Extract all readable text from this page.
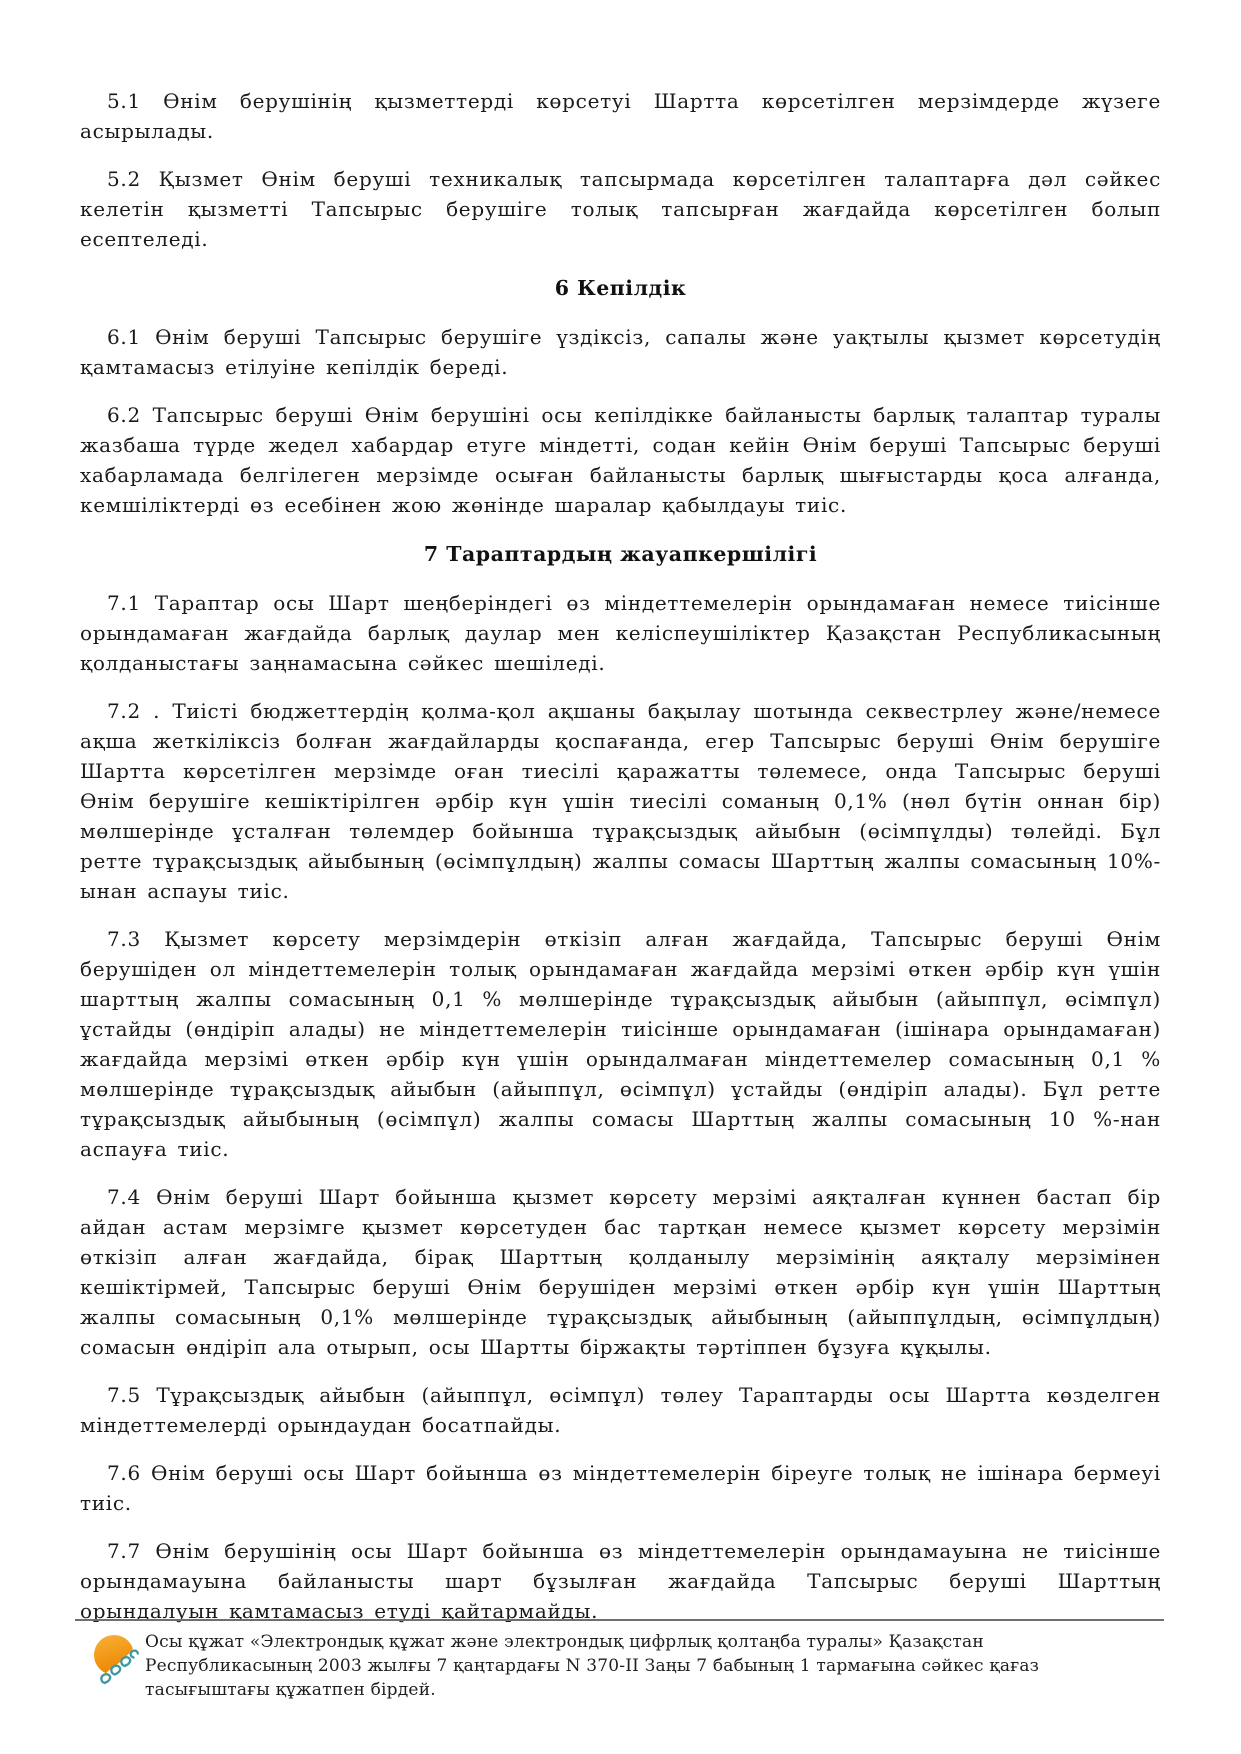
5.1 Өнім берушінің қызметтерді көрсетуі Шартта көрсетілген мерзімдерде жүзеге асырылады.

5.2 Қызмет Өнім беруші техникалық тапсырмада көрсетілген талаптарға дәл сәйкес келетін қызметті Тапсырыс берушіге толық тапсырған жағдайда көрсетілген болып есептеледі.

6 Кепілдік

6.1 Өнім беруші Тапсырыс берушіге үздіксіз, сапалы және уақтылы қызмет көрсетудің қамтамасыз етілуіне кепілдік береді.

6.2 Тапсырыс беруші Өнім берушіні осы кепілдікке байланысты барлық талаптар туралы жазбаша түрде жедел хабардар етуге міндетті, содан кейін Өнім беруші Тапсырыс беруші хабарламада белгілеген мерзімде осыған байланысты барлық шығыстарды қоса алғанда, кемшіліктерді өз есебінен жою жөнінде шаралар қабылдауы тиіс.

7 Тараптардың жауапкершілігі

7.1 Тараптар осы Шарт шеңберіндегі өз міндеттемелерін орындамаған немесе тиісінше орындамаған жағдайда барлық даулар мен келіспеушіліктер Қазақстан Республикасының қолданыстағы заңнамасына сәйкес шешіледі.

7.2 . Тиісті бюджеттердің қолма-қол ақшаны бақылау шотында секвестрлеу және/немесе ақша жеткіліксіз болған жағдайларды қоспағанда, егер Тапсырыс беруші Өнім берушіге Шартта көрсетілген мерзімде оған тиесілі қаражатты төлемесе, онда Тапсырыс беруші Өнім берушіге кешіктірілген әрбір күн үшін тиесілі соманың 0,1% (нөл бүтін оннан бір) мөлшерінде ұсталған төлемдер бойынша тұрақсыздық айыбын (өсімпұлды) төлейді. Бұл ретте тұрақсыздық айыбының (өсімпұлдың) жалпы сомасы Шарттың жалпы сомасының 10%-ынан аспауы тиіс.

7.3 Қызмет көрсету мерзімдерін өткізіп алған жағдайда, Тапсырыс беруші Өнім берушіден ол міндеттемелерін толық орындамаған жағдайда мерзімі өткен әрбір күн үшін шарттың жалпы сомасының 0,1 % мөлшерінде тұрақсыздық айыбын (айыппұл, өсімпұл) ұстайды (өндіріп алады) не міндеттемелерін тиісінше орындамаған (ішінара орындамаған) жағдайда мерзімі өткен әрбір күн үшін орындалмаған міндеттемелер сомасының 0,1 % мөлшерінде тұрақсыздық айыбын (айыппұл, өсімпұл) ұстайды (өндіріп алады). Бұл ретте тұрақсыздық айыбының (өсімпұл) жалпы сомасы Шарттың жалпы сомасының 10 %-нан аспауға тиіс.

7.4 Өнім беруші Шарт бойынша қызмет көрсету мерзімі аяқталған күннен бастап бір айдан астам мерзімге қызмет көрсетуден бас тартқан немесе қызмет көрсету мерзімін өткізіп алған жағдайда, бірақ Шарттың қолданылу мерзімінің аяқталу мерзімінен кешіктірмей, Тапсырыс беруші Өнім берушіден мерзімі өткен әрбір күн үшін Шарттың жалпы сомасының 0,1% мөлшерінде тұрақсыздық айыбының (айыппұлдың, өсімпұлдың) сомасын өндіріп ала отырып, осы Шартты біржақты тәртіппен бұзуға құқылы.

7.5 Тұрақсыздық айыбын (айыппұл, өсімпұл) төлеу Тараптарды осы Шартта көзделген міндеттемелерді орындаудан босатпайды.

7.6 Өнім беруші осы Шарт бойынша өз міндеттемелерін біреуге толық не ішінара бермеуі тиіс.

7.7 Өнім берушінің осы Шарт бойынша өз міндеттемелерін орындамауына не тиісінше орындамауына байланысты шарт бұзылған жағдайда Тапсырыс беруші Шарттың орындалуын қамтамасыз етуді қайтармайды.

Осы құжат «Электрондық құжат және электрондық цифрлық қолтаңба туралы» Қазақстан
Республикасының 2003 жылғы 7 қаңтардағы N 370-II Заңы 7 бабының 1 тармағына сәйкес қағаз
тасығыштағы құжатпен бірдей.
